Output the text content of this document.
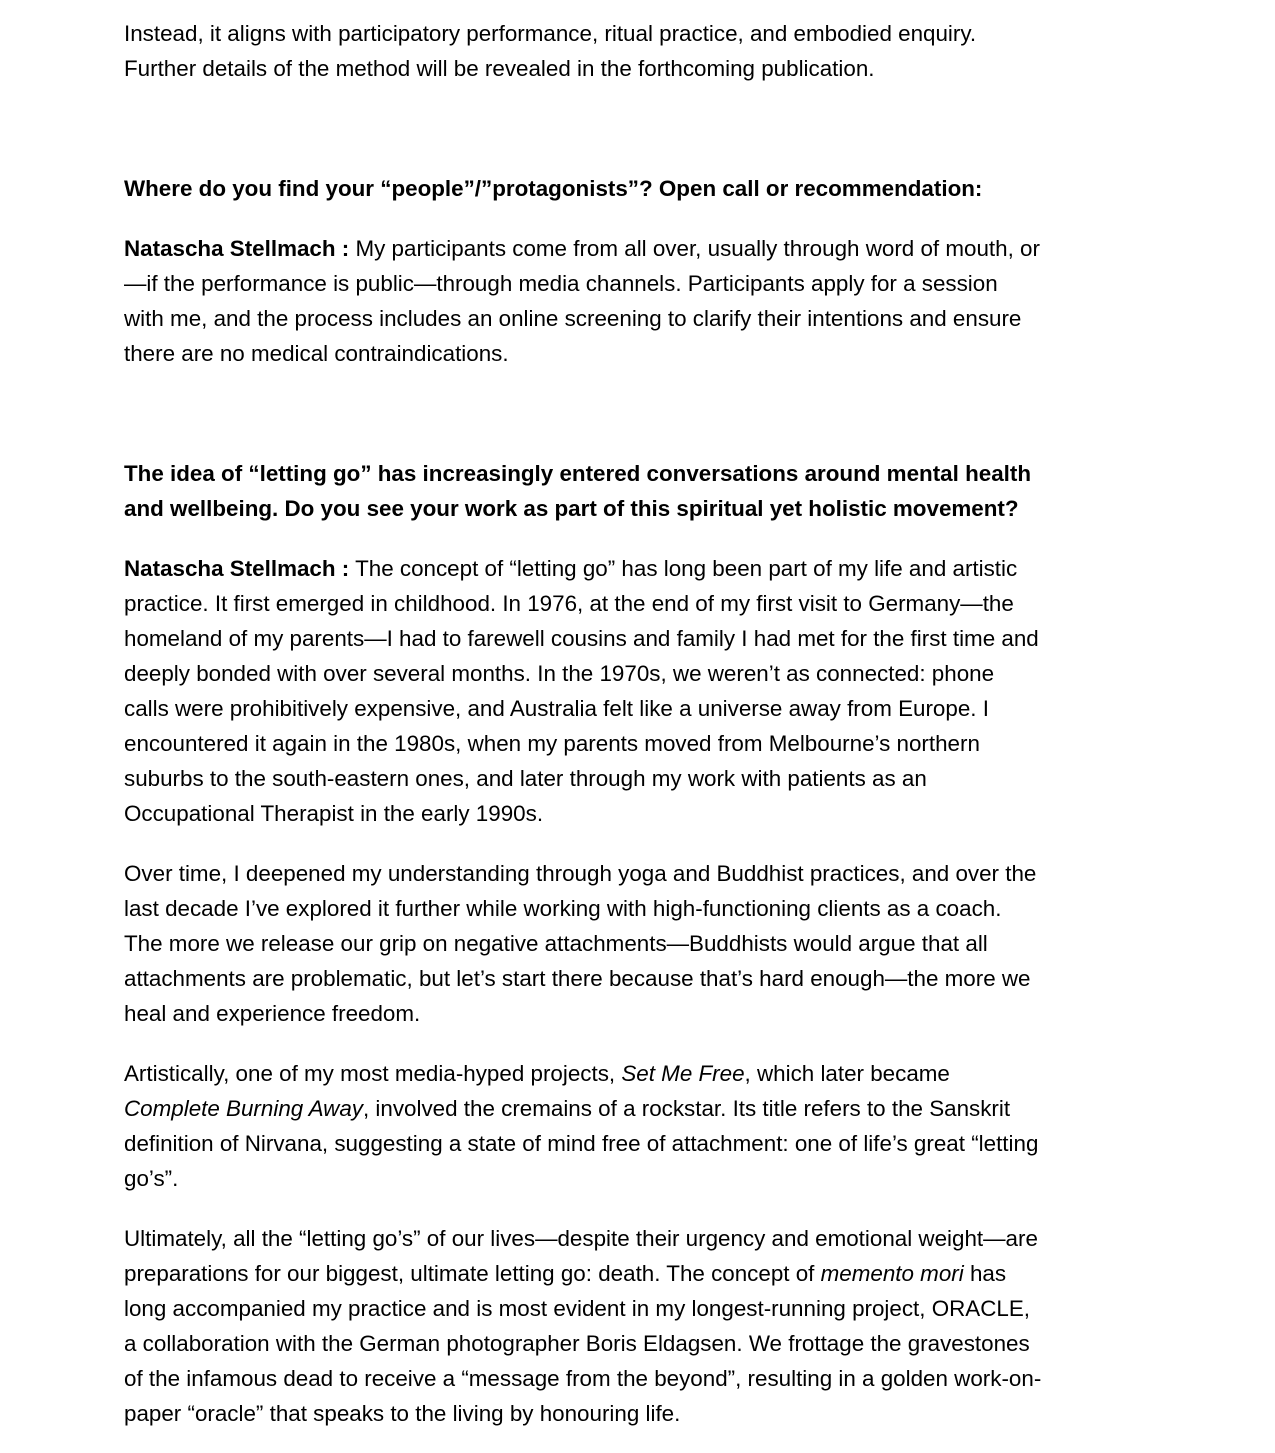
Instead, it aligns with participatory performance, ritual practice, and embodied enquiry.
Further details of the method will be revealed in the forthcoming publication.

Where do you find your “people”/”protagonists”? Open call or recommendation:

Natascha Stellmach : My participants come from all over, usually through word of mouth, or
—if the performance is public—through media channels. Participants apply for a session
with me, and the process includes an online screening to clarify their intentions and ensure
there are no medical contraindications.

The idea of “letting go” has increasingly entered conversations around mental health
and wellbeing. Do you see your work as part of this spiritual yet holistic movement?

Natascha Stellmach : The concept of “letting go” has long been part of my life and artistic
practice. It first emerged in childhood. In 1976, at the end of my first visit to Germany—the
homeland of my parents—I had to farewell cousins and family I had met for the first time and
deeply bonded with over several months. In the 1970s, we weren’t as connected: phone
calls were prohibitively expensive, and Australia felt like a universe away from Europe. I
encountered it again in the 1980s, when my parents moved from Melbourne’s northern
suburbs to the south-eastern ones, and later through my work with patients as an
Occupational Therapist in the early 1990s.

Over time, I deepened my understanding through yoga and Buddhist practices, and over the
last decade I’ve explored it further while working with high-functioning clients as a coach.
The more we release our grip on negative attachments—Buddhists would argue that all
attachments are problematic, but let’s start there because that’s hard enough—the more we
heal and experience freedom.

Artistically, one of my most media-hyped projects, Set Me Free, which later became
Complete Burning Away, involved the cremains of a rockstar. Its title refers to the Sanskrit
definition of Nirvana, suggesting a state of mind free of attachment: one of life’s great “letting
go’s”.

Ultimately, all the “letting go’s” of our lives—despite their urgency and emotional weight—are
preparations for our biggest, ultimate letting go: death. The concept of memento mori has
long accompanied my practice and is most evident in my longest-running project, ORACLE,
a collaboration with the German photographer Boris Eldagsen. We frottage the gravestones
of the infamous dead to receive a “message from the beyond”, resulting in a golden work-on-
paper “oracle” that speaks to the living by honouring life.
